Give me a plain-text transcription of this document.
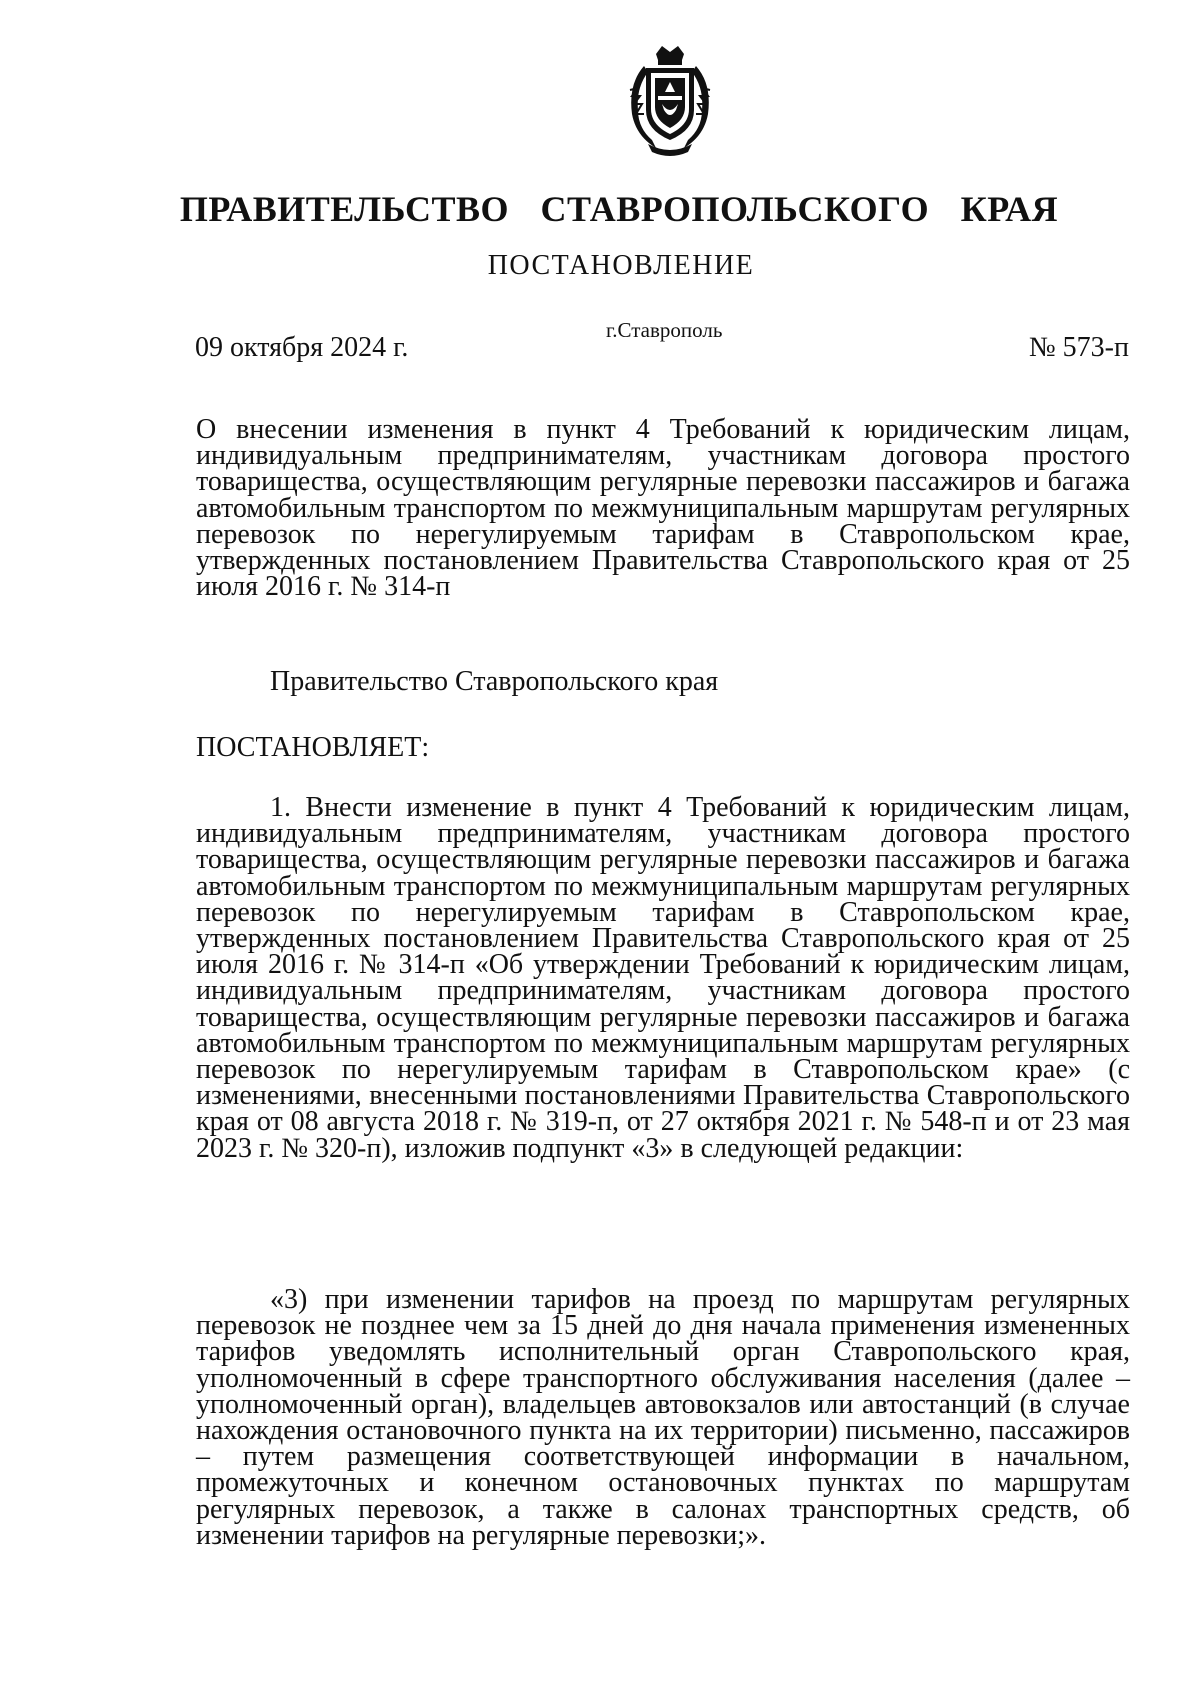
ПРАВИТЕЛЬСТВО СТАВРОПОЛЬСКОГО КРАЯ
ПОСТАНОВЛЕНИЕ
09 октября 2024 г.
г.Ставрополь
№ 573-п

О внесении изменения в пункт 4 Требований к юридическим лицам, индивидуальным предпринимателям, участникам договора простого товарищества, осуществляющим регулярные перевозки пассажиров и багажа автомобильным транспортом по межмуниципальным маршрутам регулярных перевозок по нерегулируемым тарифам в Ставропольском крае, утвержденных постановлением Правительства Ставропольского края от 25 июля 2016 г. № 314-п

Правительство Ставропольского края

ПОСТАНОВЛЯЕТ:

1. Внести изменение в пункт 4 Требований к юридическим лицам, индивидуальным предпринимателям, участникам договора простого товарищества, осуществляющим регулярные перевозки пассажиров и багажа автомобильным транспортом по межмуниципальным маршрутам регулярных перевозок по нерегулируемым тарифам в Ставропольском крае, утвержденных постановлением Правительства Ставропольского края от 25 июля 2016 г. № 314-п «Об утверждении Требований к юридическим лицам, индивидуальным предпринимателям, участникам договора простого товарищества, осуществляющим регулярные перевозки пассажиров и багажа автомобильным транспортом по межмуниципальным маршрутам регулярных перевозок по нерегулируемым тарифам в Ставропольском крае» (с изменениями, внесенными постановлениями Правительства Ставропольского края от 08 августа 2018 г. № 319-п, от 27 октября 2021 г. № 548-п и от 23 мая 2023 г. № 320-п), изложив подпункт «3» в следующей редакции:

«3) при изменении тарифов на проезд по маршрутам регулярных перевозок не позднее чем за 15 дней до дня начала применения измененных тарифов уведомлять исполнительный орган Ставропольского края, уполномоченный в сфере транспортного обслуживания населения (далее – уполномоченный орган), владельцев автовокзалов или автостанций (в случае нахождения остановочного пункта на их территории) письменно, пассажиров – путем размещения соответствующей информации в начальном, промежуточных и конечном остановочных пунктах по маршрутам регулярных перевозок, а также в салонах транспортных средств, об изменении тарифов на регулярные перевозки;».
